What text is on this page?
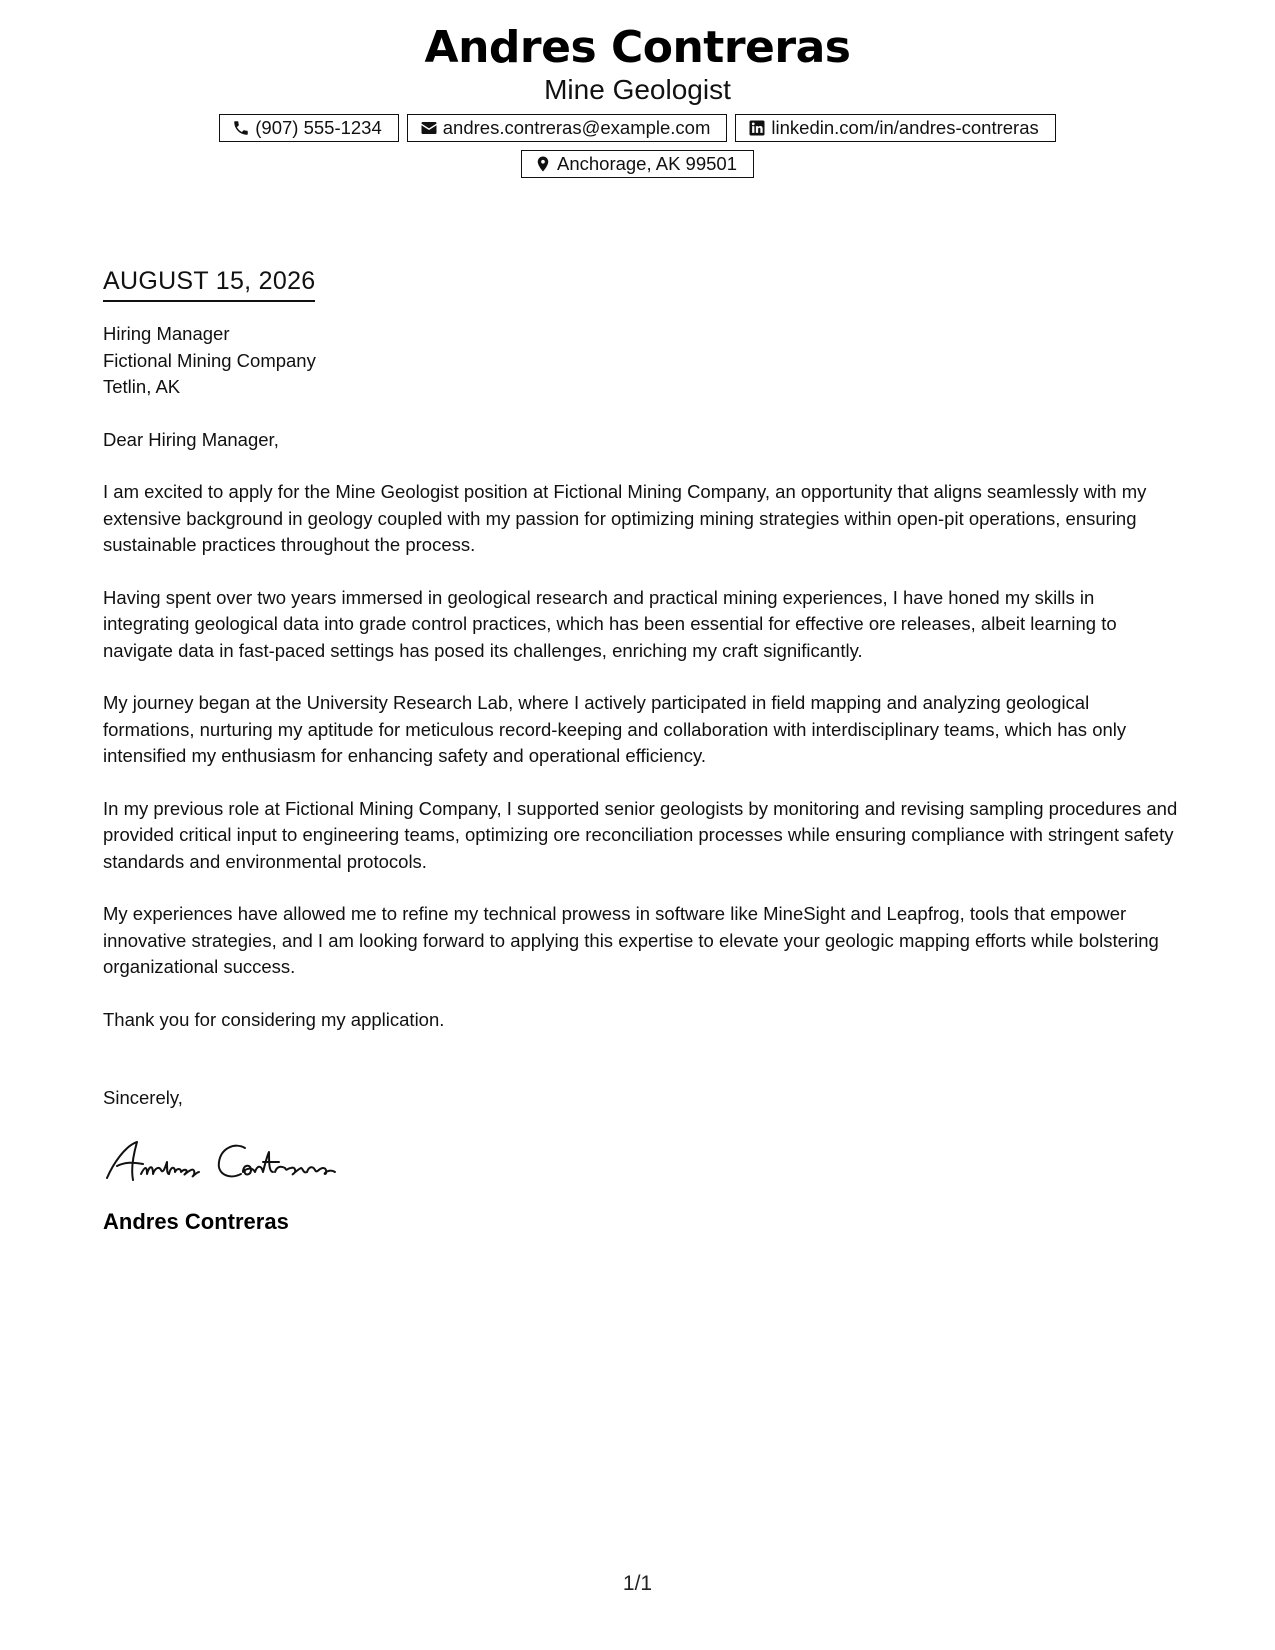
Andres Contreras
Mine Geologist
(907) 555-1234	andres.contreras@example.com	linkedin.com/in/andres-contreras
Anchorage, AK 99501
AUGUST 15, 2026
Hiring Manager
Fictional Mining Company
Tetlin, AK
Dear Hiring Manager,
I am excited to apply for the Mine Geologist position at Fictional Mining Company, an opportunity that aligns seamlessly with my extensive background in geology coupled with my passion for optimizing mining strategies within open-pit operations, ensuring sustainable practices throughout the process.
Having spent over two years immersed in geological research and practical mining experiences, I have honed my skills in integrating geological data into grade control practices, which has been essential for effective ore releases, albeit learning to navigate data in fast-paced settings has posed its challenges, enriching my craft significantly.
My journey began at the University Research Lab, where I actively participated in field mapping and analyzing geological formations, nurturing my aptitude for meticulous record-keeping and collaboration with interdisciplinary teams, which has only intensified my enthusiasm for enhancing safety and operational efficiency.
In my previous role at Fictional Mining Company, I supported senior geologists by monitoring and revising sampling procedures and provided critical input to engineering teams, optimizing ore reconciliation processes while ensuring compliance with stringent safety standards and environmental protocols.
My experiences have allowed me to refine my technical prowess in software like MineSight and Leapfrog, tools that empower innovative strategies, and I am looking forward to applying this expertise to elevate your geologic mapping efforts while bolstering organizational success.
Thank you for considering my application.
Sincerely,
Andres Contreras
1/1
